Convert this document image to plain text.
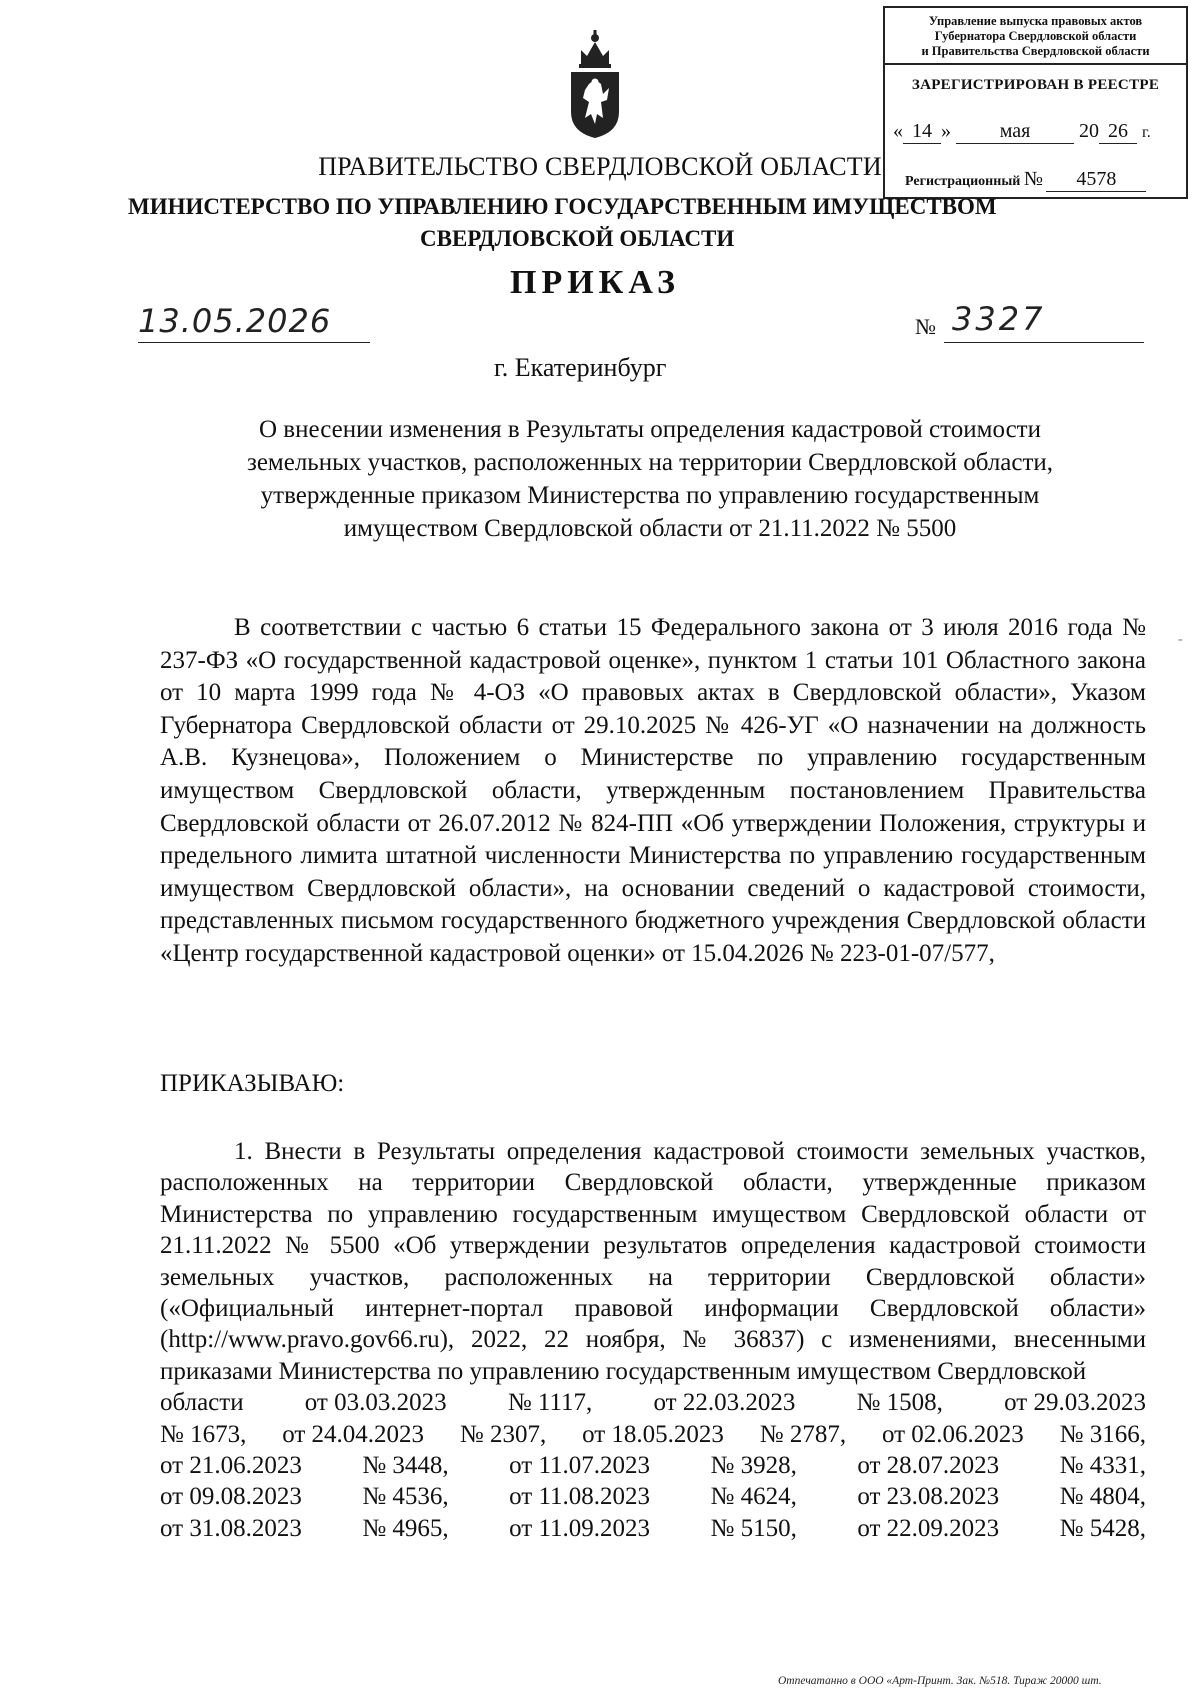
Управление выпуска правовых актов
Губернатора Свердловской области
и Правительства Свердловской области
ЗАРЕГИСТРИРОВАН В РЕЕСТРЕ
« 14 » мая 20 26 г.
Регистрационный № 4578
ПРАВИТЕЛЬСТВО СВЕРДЛОВСКОЙ ОБЛАСТИ
МИНИСТЕРСТВО ПО УПРАВЛЕНИЮ ГОСУДАРСТВЕННЫМ ИМУЩЕСТВОМ
СВЕРДЛОВСКОЙ ОБЛАСТИ
ПРИКАЗ
13.05.2026	№ 3327
г. Екатеринбург
О внесении изменения в Результаты определения кадастровой стоимости
земельных участков, расположенных на территории Свердловской области,
утвержденные приказом Министерства по управлению государственным
имуществом Свердловской области от 21.11.2022 № 5500
-
В соответствии с частью 6 статьи 15 Федерального закона от 3 июля 2016 года № 237-ФЗ «О государственной кадастровой оценке», пунктом 1 статьи 101 Областного закона от 10 марта 1999 года № 4-ОЗ «О правовых актах в Свердловской области», Указом Губернатора Свердловской области от 29.10.2025 № 426-УГ «О назначении на должность А.В. Кузнецова», Положением о Министерстве по управлению государственным имуществом Свердловской области, утвержденным постановлением Правительства Свердловской области от 26.07.2012 № 824-ПП «Об утверждении Положения, структуры и предельного лимита штатной численности Министерства по управлению государственным имуществом Свердловской области», на основании сведений о кадастровой стоимости, представленных письмом государственного бюджетного учреждения Свердловской области «Центр государственной кадастровой оценки» от 15.04.2026 № 223-01-07/577,
ПРИКАЗЫВАЮ:
1. Внести в Результаты определения кадастровой стоимости земельных участков, расположенных на территории Свердловской области, утвержденные приказом Министерства по управлению государственным имуществом Свердловской области от 21.11.2022 № 5500 «Об утверждении результатов определения кадастровой стоимости земельных участков, расположенных на территории Свердловской области» («Официальный интернет-портал правовой информации Свердловской области» (http://www.pravo.gov66.ru), 2022, 22 ноября, № 36837) с изменениями, внесенными приказами Министерства по управлению государственным имуществом Свердловской
области от 03.03.2023 № 1117, от 22.03.2023 № 1508, от 29.03.2023
№ 1673, от 24.04.2023 № 2307, от 18.05.2023 № 2787, от 02.06.2023 № 3166,
от 21.06.2023 № 3448, от 11.07.2023 № 3928, от 28.07.2023 № 4331,
от 09.08.2023 № 4536, от 11.08.2023 № 4624, от 23.08.2023 № 4804,
от 31.08.2023 № 4965, от 11.09.2023 № 5150, от 22.09.2023 № 5428,
Отпечатанно в ООО «Арт-Принт. Зак. №518. Тираж 20000 шт.
